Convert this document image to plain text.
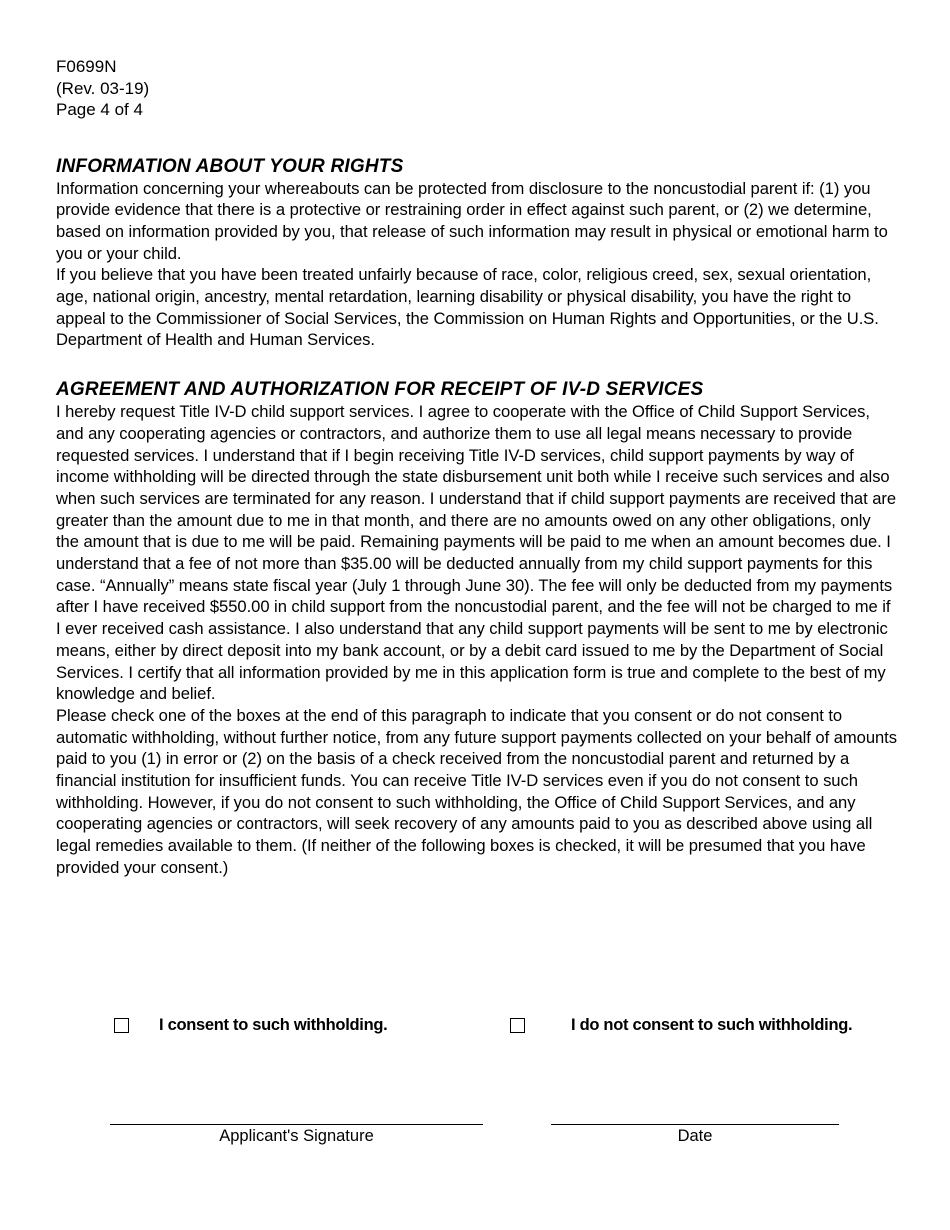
F0699N
(Rev. 03-19)
Page 4 of 4
INFORMATION ABOUT YOUR RIGHTS

Information concerning your whereabouts can be protected from disclosure to the noncustodial parent if: (1) you provide evidence that there is a protective or restraining order in effect against such parent, or (2) we determine, based on information provided by you, that release of such information may result in physical or emotional harm to you or your child.

If you believe that you have been treated unfairly because of race, color, religious creed, sex, sexual orientation, age, national origin, ancestry, mental retardation, learning disability or physical disability, you have the right to appeal to the Commissioner of Social Services, the Commission on Human Rights and Opportunities, or the U.S. Department of Health and Human Services.

AGREEMENT AND AUTHORIZATION FOR RECEIPT OF IV-D SERVICES

I hereby request Title IV-D child support services. I agree to cooperate with the Office of Child Support Services, and any cooperating agencies or contractors, and authorize them to use all legal means necessary to provide requested services. I understand that if I begin receiving Title IV-D services, child support payments by way of income withholding will be directed through the state disbursement unit both while I receive such services and also when such services are terminated for any reason. I understand that if child support payments are received that are greater than the amount due to me in that month, and there are no amounts owed on any other obligations, only the amount that is due to me will be paid. Remaining payments will be paid to me when an amount becomes due. I understand that a fee of not more than $35.00 will be deducted annually from my child support payments for this case. “Annually” means state fiscal year (July 1 through June 30). The fee will only be deducted from my payments after I have received $550.00 in child support from the noncustodial parent, and the fee will not be charged to me if I ever received cash assistance. I also understand that any child support payments will be sent to me by electronic means, either by direct deposit into my bank account, or by a debit card issued to me by the Department of Social Services. I certify that all information provided by me in this application form is true and complete to the best of my knowledge and belief.

Please check one of the boxes at the end of this paragraph to indicate that you consent or do not consent to automatic withholding, without further notice, from any future support payments collected on your behalf of amounts paid to you (1) in error or (2) on the basis of a check received from the noncustodial parent and returned by a financial institution for insufficient funds. You can receive Title IV-D services even if you do not consent to such withholding. However, if you do not consent to such withholding, the Office of Child Support Services, and any cooperating agencies or contractors, will seek recovery of any amounts paid to you as described above using all legal remedies available to them. (If neither of the following boxes is checked, it will be presumed that you have provided your consent.)

I consent to such withholding.	I do not consent to such withholding.
Applicant's Signature	Date
